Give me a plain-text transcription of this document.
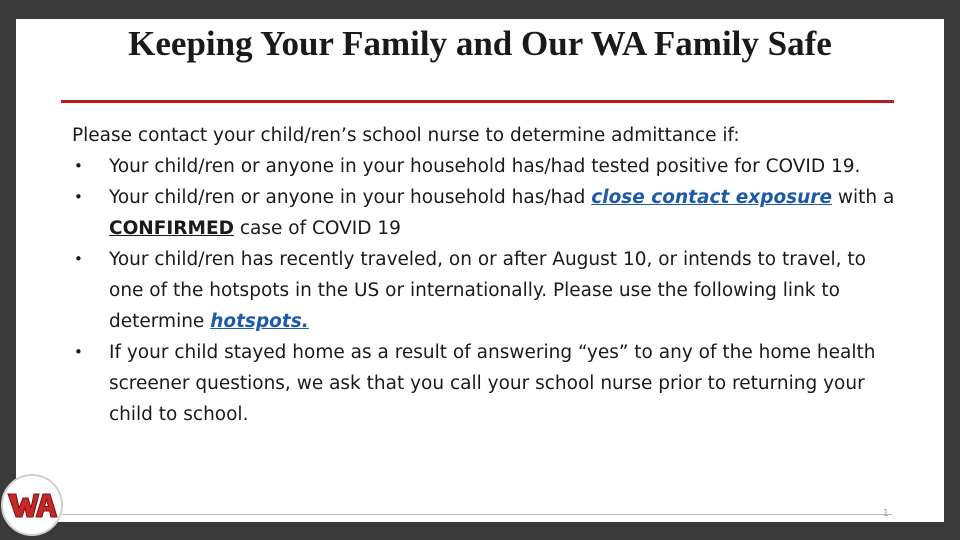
Keeping Your Family and Our WA Family Safe

Please contact your child/ren’s school nurse to determine admittance if:

• Your child/ren or anyone in your household has/had tested positive for COVID 19.
• Your child/ren or anyone in your household has/had close contact exposure with a CONFIRMED case of COVID 19
• Your child/ren has recently traveled, on or after August 10, or intends to travel, to one of the hotspots in the US or internationally. Please use the following link to determine hotspots.
• If your child stayed home as a result of answering “yes” to any of the home health screener questions, we ask that you call your school nurse prior to returning your child to school.
1
